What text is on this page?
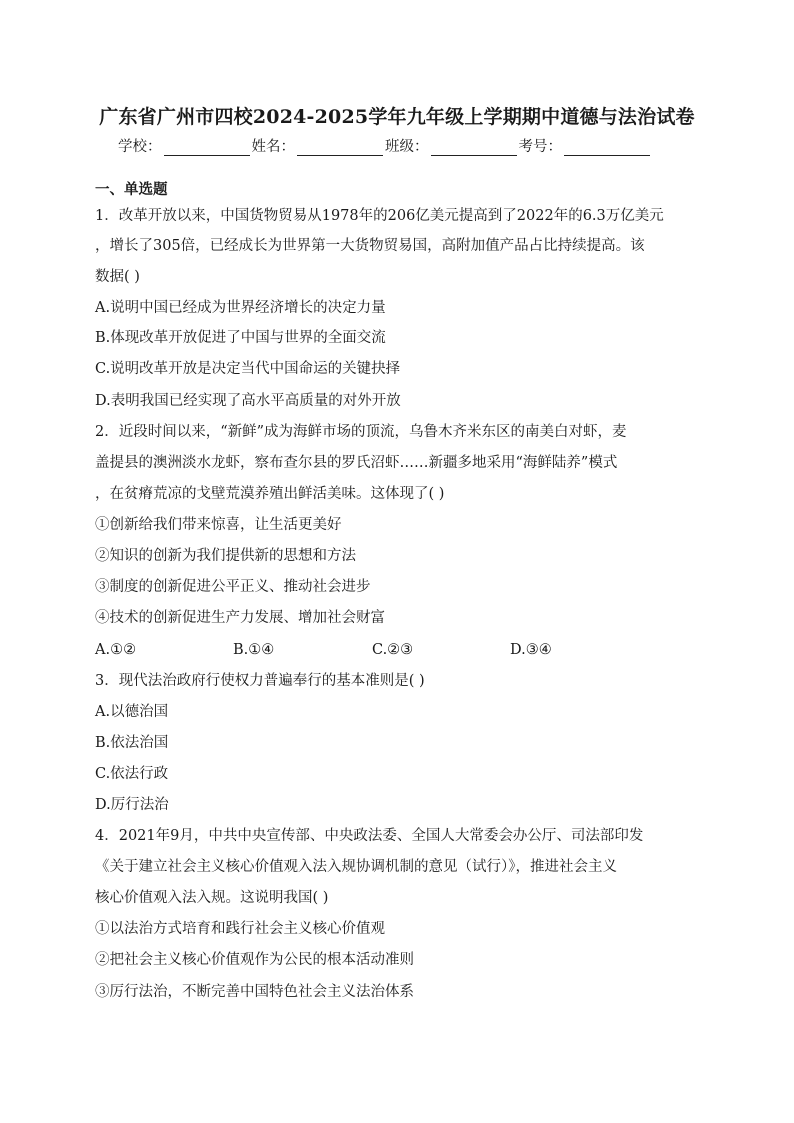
广东省广州市四校2024-2025学年九年级上学期期中道德与法治试卷
学校：	姓名：	班级：	考号：
一、单选题
1．改革开放以来，中国货物贸易从1978年的206亿美元提高到了2022年的6.3万亿美元
，增长了305倍，已经成长为世界第一大货物贸易国，高附加值产品占比持续提高。该
数据( )
A.说明中国已经成为世界经济增长的决定力量
B.体现改革开放促进了中国与世界的全面交流
C.说明改革开放是决定当代中国命运的关键抉择
D.表明我国已经实现了高水平高质量的对外开放
2．近段时间以来，“新鲜”成为海鲜市场的顶流，乌鲁木齐米东区的南美白对虾，麦
盖提县的澳洲淡水龙虾，察布查尔县的罗氏沼虾……新疆多地采用“海鲜陆养”模式
，在贫瘠荒凉的戈壁荒漠养殖出鲜活美味。这体现了( )
①创新给我们带来惊喜，让生活更美好
②知识的创新为我们提供新的思想和方法
③制度的创新促进公平正义、推动社会进步
④技术的创新促进生产力发展、增加社会财富
A.①②	B.①④	C.②③	D.③④
3．现代法治政府行使权力普遍奉行的基本准则是( )
A.以德治国
B.依法治国
C.依法行政
D.厉行法治
4．2021年9月，中共中央宣传部、中央政法委、全国人大常委会办公厅、司法部印发
《关于建立社会主义核心价值观入法入规协调机制的意见（试行）》，推进社会主义
核心价值观入法入规。这说明我国( )
①以法治方式培育和践行社会主义核心价值观
②把社会主义核心价值观作为公民的根本活动准则
③厉行法治，不断完善中国特色社会主义法治体系
